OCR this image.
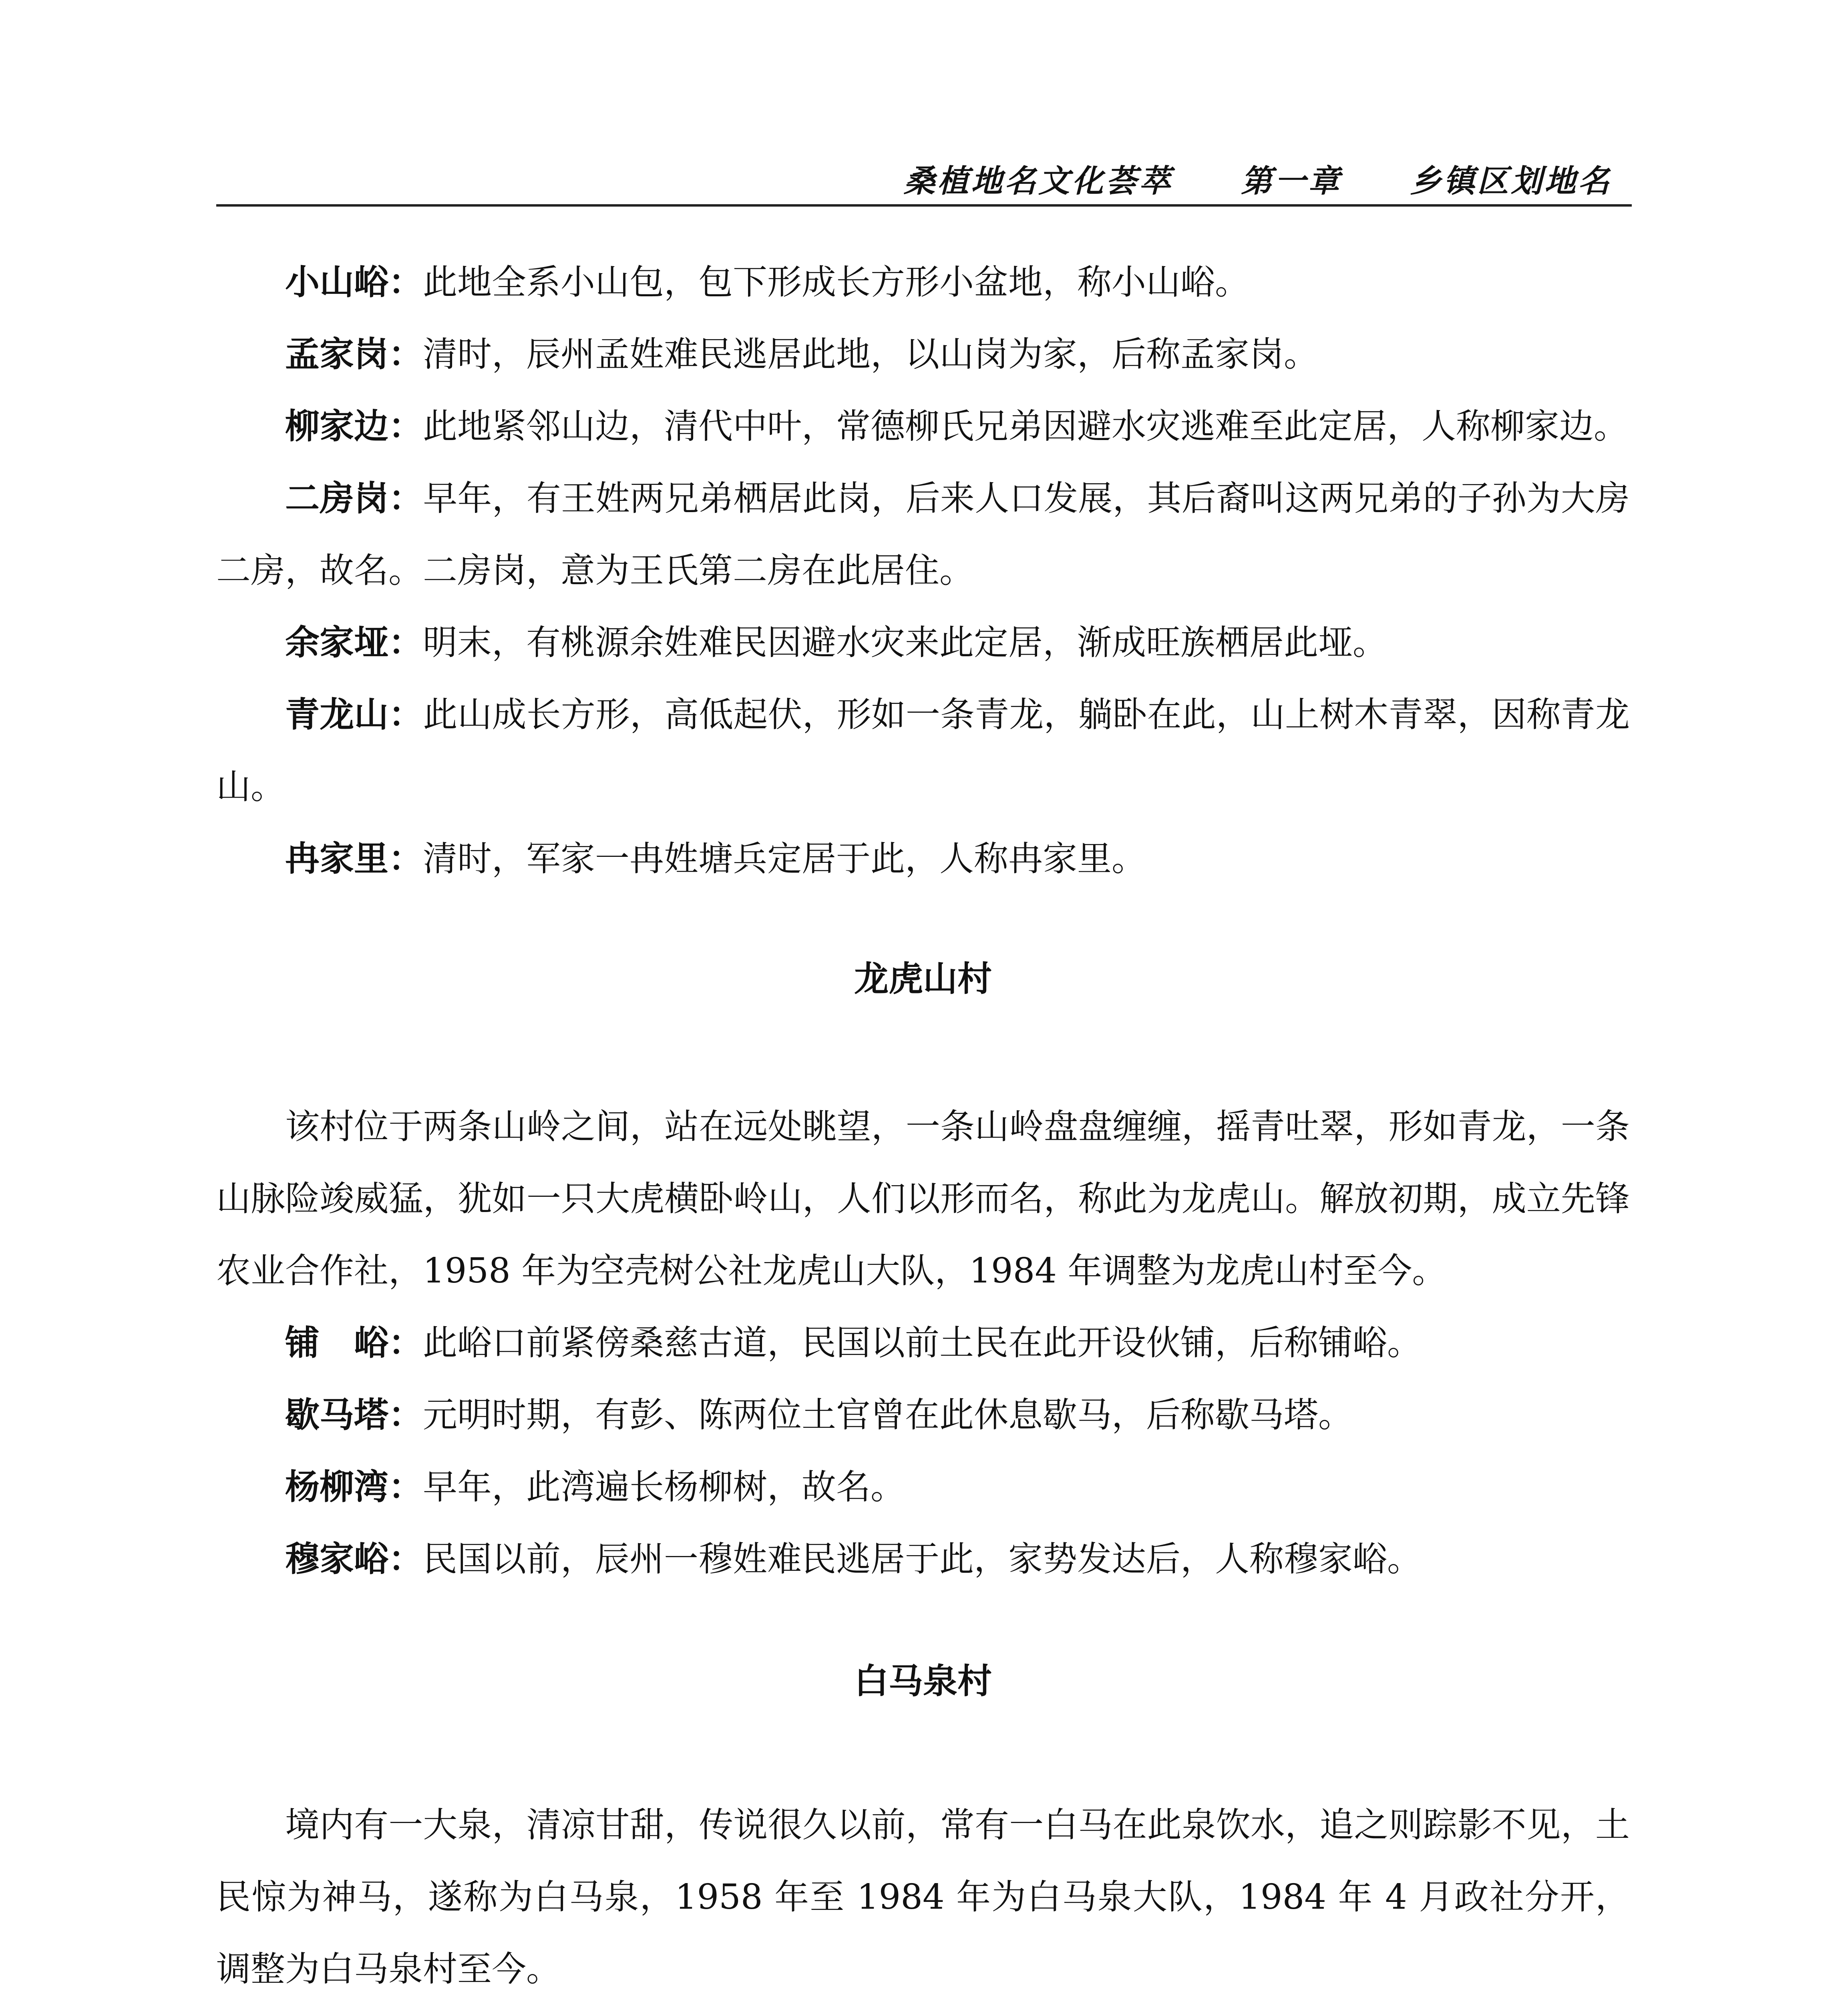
桑植地名文化荟萃 第一章 乡镇区划地名

小山峪：此地全系小山包，包下形成长方形小盆地，称小山峪。

孟家岗：清时，辰州孟姓难民逃居此地，以山岗为家，后称孟家岗。

柳家边：此地紧邻山边，清代中叶，常德柳氏兄弟因避水灾逃难至此定居，人称柳家边。

二房岗：早年，有王姓两兄弟栖居此岗，后来人口发展，其后裔叫这两兄弟的子孙为大房二房，故名。二房岗，意为王氏第二房在此居住。

余家垭：明末，有桃源余姓难民因避水灾来此定居，渐成旺族栖居此垭。

青龙山：此山成长方形，高低起伏，形如一条青龙，躺卧在此，山上树木青翠，因称青龙山。

冉家里：清时，军家一冉姓塘兵定居于此，人称冉家里。

龙虎山村

该村位于两条山岭之间，站在远处眺望，一条山岭盘盘缠缠，摇青吐翠，形如青龙，一条山脉险竣威猛，犹如一只大虎横卧岭山，人们以形而名，称此为龙虎山。解放初期，成立先锋农业合作社，1958 年为空壳树公社龙虎山大队，1984 年调整为龙虎山村至今。

铺　峪：此峪口前紧傍桑慈古道，民国以前土民在此开设伙铺，后称铺峪。

歇马塔：元明时期，有彭、陈两位土官曾在此休息歇马，后称歇马塔。

杨柳湾：早年，此湾遍长杨柳树，故名。

穆家峪：民国以前，辰州一穆姓难民逃居于此，家势发达后，人称穆家峪。

白马泉村

境内有一大泉，清凉甘甜，传说很久以前，常有一白马在此泉饮水，追之则踪影不见，土民惊为神马，遂称为白马泉，1958 年至 1984 年为白马泉大队，1984 年 4 月政社分开，调整为白马泉村至今。
